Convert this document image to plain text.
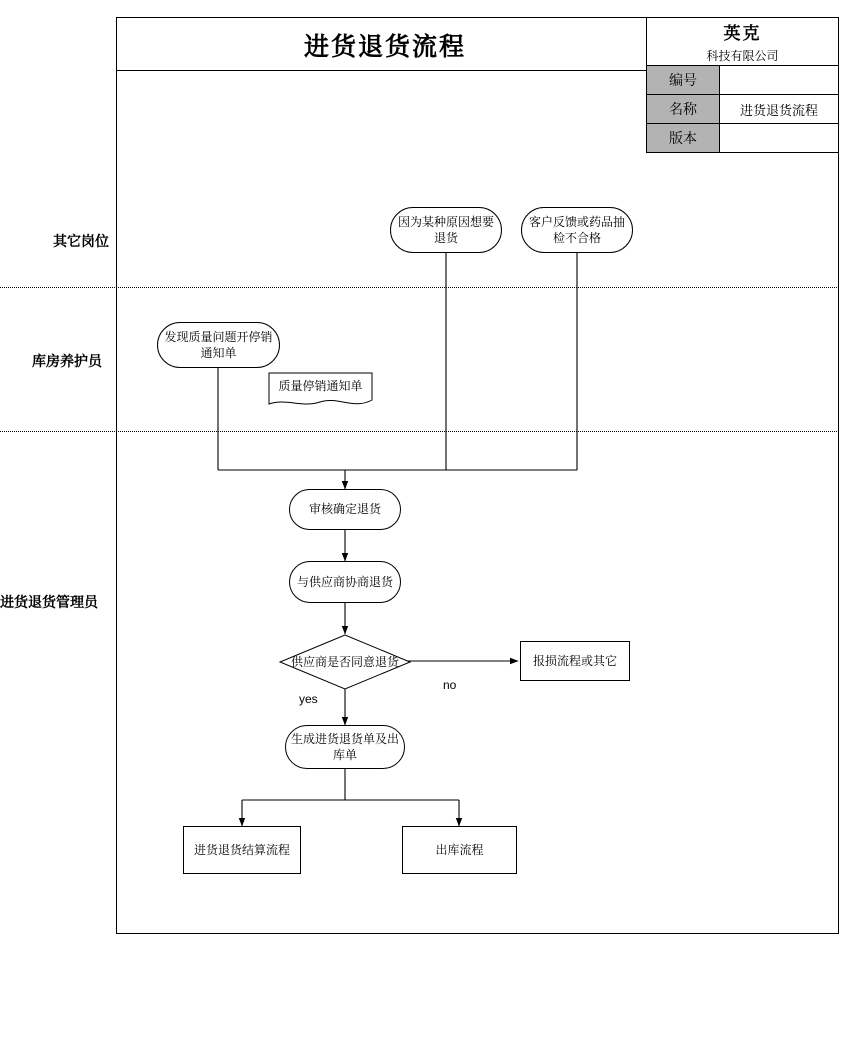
进货退货流程	英克
科技有限公司	

编号	
名称	进货退货流程
版本	
其它岗位
库房养护员
进货退货管理员
因为某种原因想要退货
客户反馈或药品抽检不合格
发现质量问题开停销通知单
质量停销通知单
审核确定退货
与供应商协商退货
供应商是否同意退货
yes
no
报损流程或其它
生成进货退货单及出库单
进货退货结算流程	出库流程
